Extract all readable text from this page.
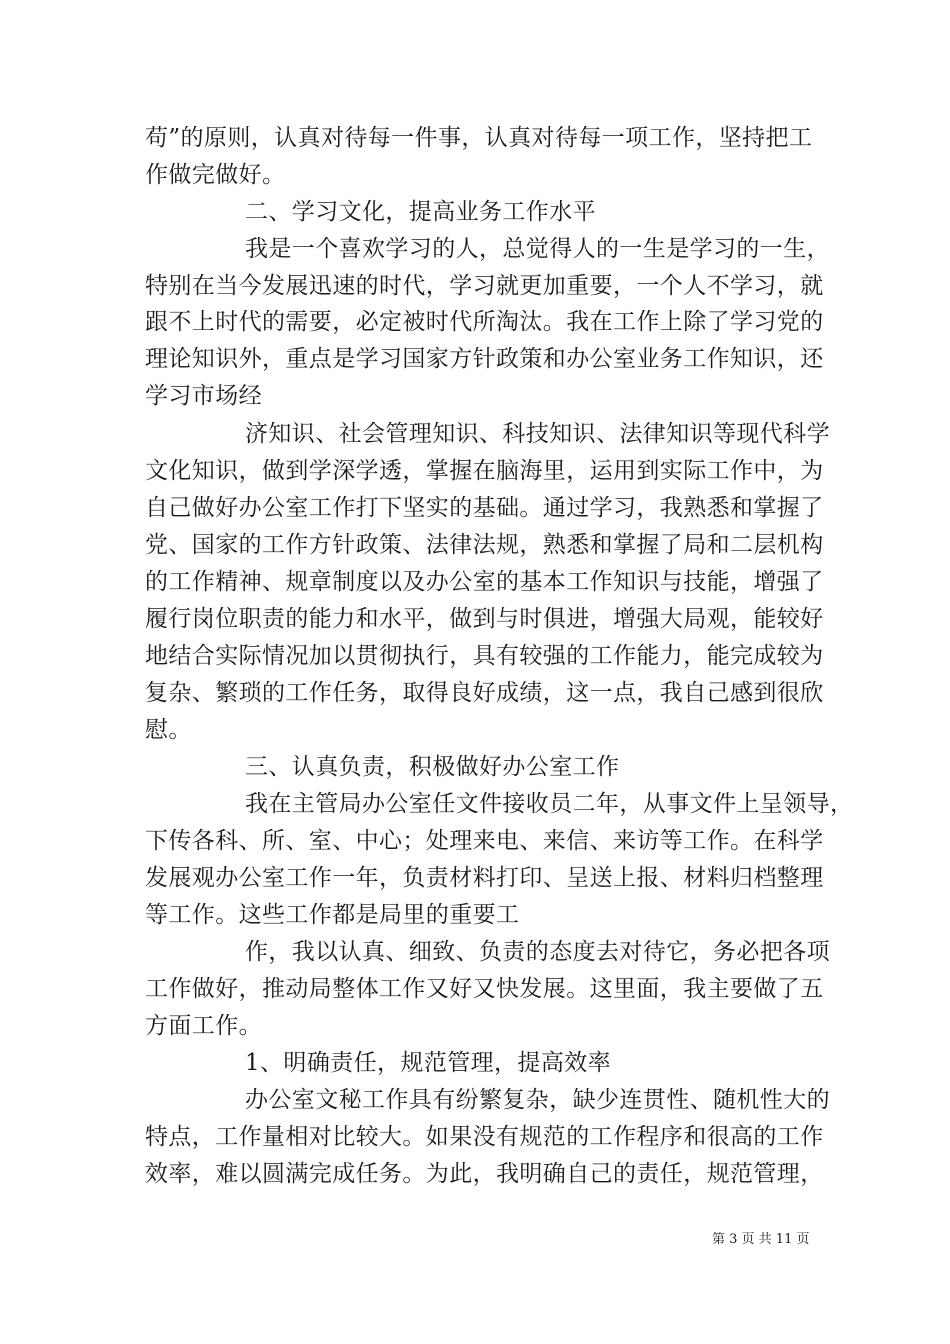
苟”的原则，认真对待每一件事，认真对待每一项工作，坚持把工
作做完做好。
二、学习文化，提高业务工作水平
我是一个喜欢学习的人，总觉得人的一生是学习的一生，
特别在当今发展迅速的时代，学习就更加重要，一个人不学习，就
跟不上时代的需要，必定被时代所淘汰。我在工作上除了学习党的
理论知识外，重点是学习国家方针政策和办公室业务工作知识，还
学习市场经
济知识、社会管理知识、科技知识、法律知识等现代科学
文化知识，做到学深学透，掌握在脑海里，运用到实际工作中，为
自己做好办公室工作打下坚实的基础。通过学习，我熟悉和掌握了
党、国家的工作方针政策、法律法规，熟悉和掌握了局和二层机构
的工作精神、规章制度以及办公室的基本工作知识与技能，增强了
履行岗位职责的能力和水平，做到与时俱进，增强大局观，能较好
地结合实际情况加以贯彻执行，具有较强的工作能力，能完成较为
复杂、繁琐的工作任务，取得良好成绩，这一点，我自己感到很欣
慰。
三、认真负责，积极做好办公室工作
我在主管局办公室任文件接收员二年，从事文件上呈领导，
下传各科、所、室、中心；处理来电、来信、来访等工作。在科学
发展观办公室工作一年，负责材料打印、呈送上报、材料归档整理
等工作。这些工作都是局里的重要工
作，我以认真、细致、负责的态度去对待它，务必把各项
工作做好，推动局整体工作又好又快发展。这里面，我主要做了五
方面工作。
1、明确责任，规范管理，提高效率
办公室文秘工作具有纷繁复杂，缺少连贯性、随机性大的
特点，工作量相对比较大。如果没有规范的工作程序和很高的工作
效率，难以圆满完成任务。为此，我明确自己的责任，规范管理，
第 3 页 共 11 页
